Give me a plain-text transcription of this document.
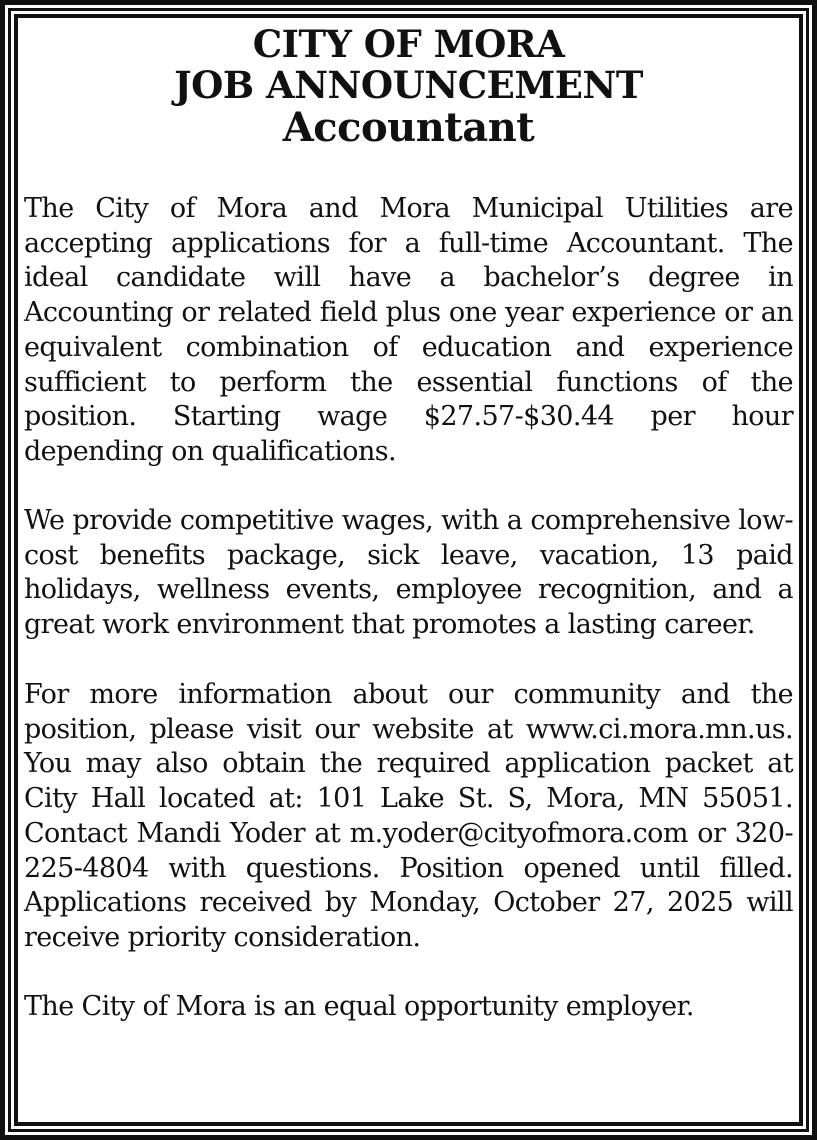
CITY OF MORA
JOB ANNOUNCEMENT
Accountant

The City of Mora and Mora Municipal Utilities are accepting applications for a full-time Accountant. The ideal candidate will have a bachelor’s degree in Accounting or related field plus one year experience or an equivalent combination of education and experience sufficient to perform the essential functions of the position. Starting wage $27.57-$30.44 per hour depending on qualifications.

We provide competitive wages, with a comprehensive low-cost benefits package, sick leave, vacation, 13 paid holidays, wellness events, employee recognition, and a great work environment that promotes a lasting career.

For more information about our community and the position, please visit our website at www.ci.mora.mn.us. You may also obtain the required application packet at City Hall located at: 101 Lake St. S, Mora, MN 55051. Contact Mandi Yoder at m.yoder@cityofmora.com or 320-225-4804 with questions. Position opened until filled. Applications received by Monday, October 27, 2025 will receive priority consideration.

The City of Mora is an equal opportunity employer.
